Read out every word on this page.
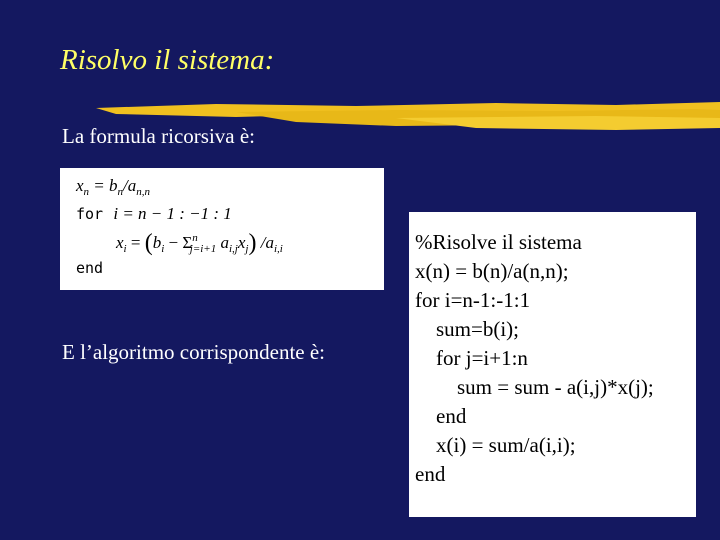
Risolvo il sistema:
La formula ricorsiva è:
$x_n = b_n/a_{n,n}$
for i = n − 1 : −1 : 1
$x_i = (b_i - \Sigma^n_{j=i+1}$ $a_{i,j}x_j$) $/a_{i,i}$
end
E l’algoritmo corrispondente è:
%Risolve il sistema
x(n) = b(n)/a(n,n);
for i=n-1:-1:1
sum=b(i);
for j=i+1:n
sum = sum - a(i,j)*x(j);
end
x(i) = sum/a(i,i);
end
